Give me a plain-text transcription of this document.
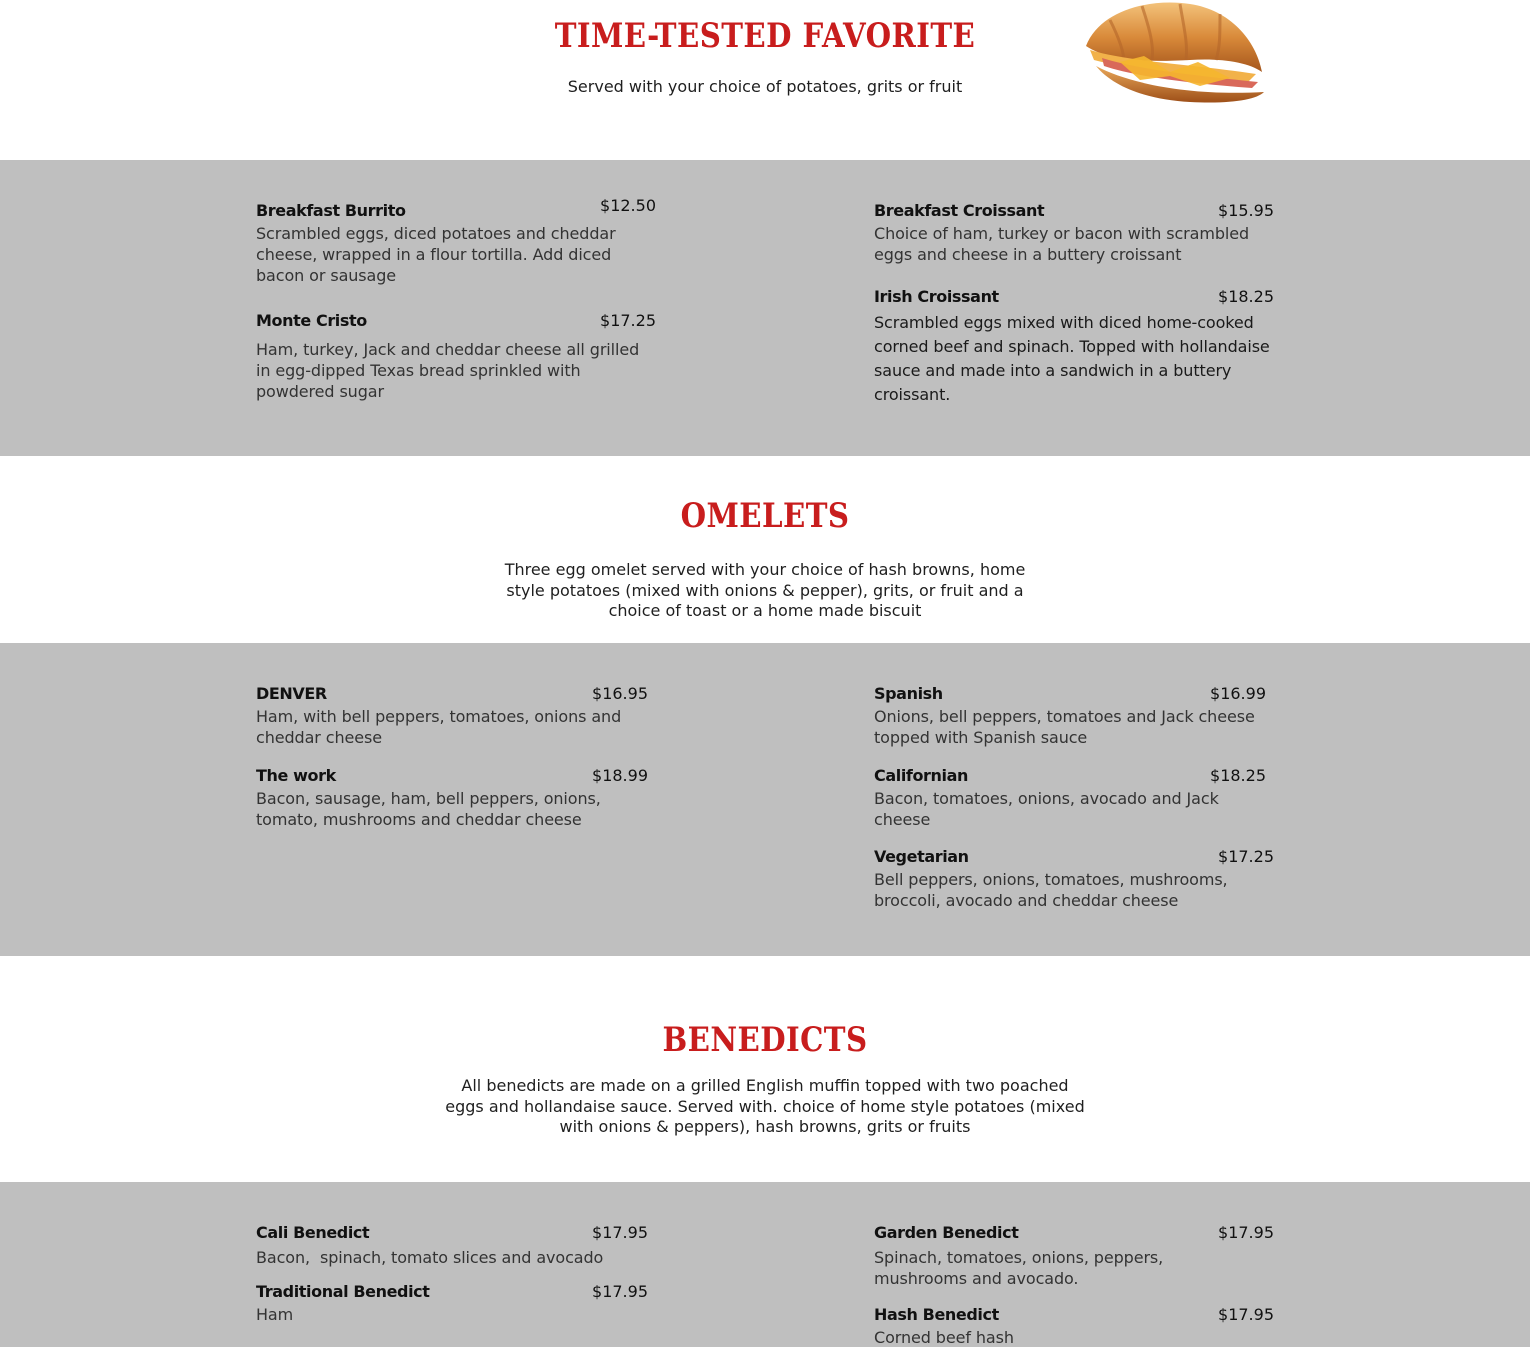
TIME-TESTED FAVORITE
Served with your choice of potatoes, grits or fruit
Breakfast Burrito	$12.50
Scrambled eggs, diced potatoes and cheddar cheese, wrapped in a flour tortilla. Add diced bacon or sausage
Monte Cristo	$17.25
Ham, turkey, Jack and cheddar cheese all grilled in egg-dipped Texas bread sprinkled with powdered sugar
Breakfast Croissant	$15.95
Choice of ham, turkey or bacon with scrambled eggs and cheese in a buttery croissant
Irish Croissant	$18.25
Scrambled eggs mixed with diced home-cooked corned beef and spinach. Topped with hollandaise sauce and made into a sandwich in a buttery croissant.
OMELETS
Three egg omelet served with your choice of hash browns, home style potatoes (mixed with onions & pepper), grits, or fruit and a choice of toast or a home made biscuit
DENVER	$16.95
Ham, with bell peppers, tomatoes, onions and cheddar cheese
The work	$18.99
Bacon, sausage, ham, bell peppers, onions, tomato, mushrooms and cheddar cheese
Spanish	$16.99
Onions, bell peppers, tomatoes and Jack cheese topped with Spanish sauce
Californian	$18.25
Bacon, tomatoes, onions, avocado and Jack cheese
Vegetarian	$17.25
Bell peppers, onions, tomatoes, mushrooms, broccoli, avocado and cheddar cheese
BENEDICTS
All benedicts are made on a grilled English muffin topped with two poached eggs and hollandaise sauce. Served with. choice of home style potatoes (mixed with onions & peppers), hash browns, grits or fruits
Cali Benedict	$17.95
Bacon,  spinach, tomato slices and avocado
Traditional Benedict	$17.95
Ham
Garden Benedict	$17.95
Spinach, tomatoes, onions, peppers, mushrooms and avocado.
Hash Benedict	$17.95
Corned beef hash
